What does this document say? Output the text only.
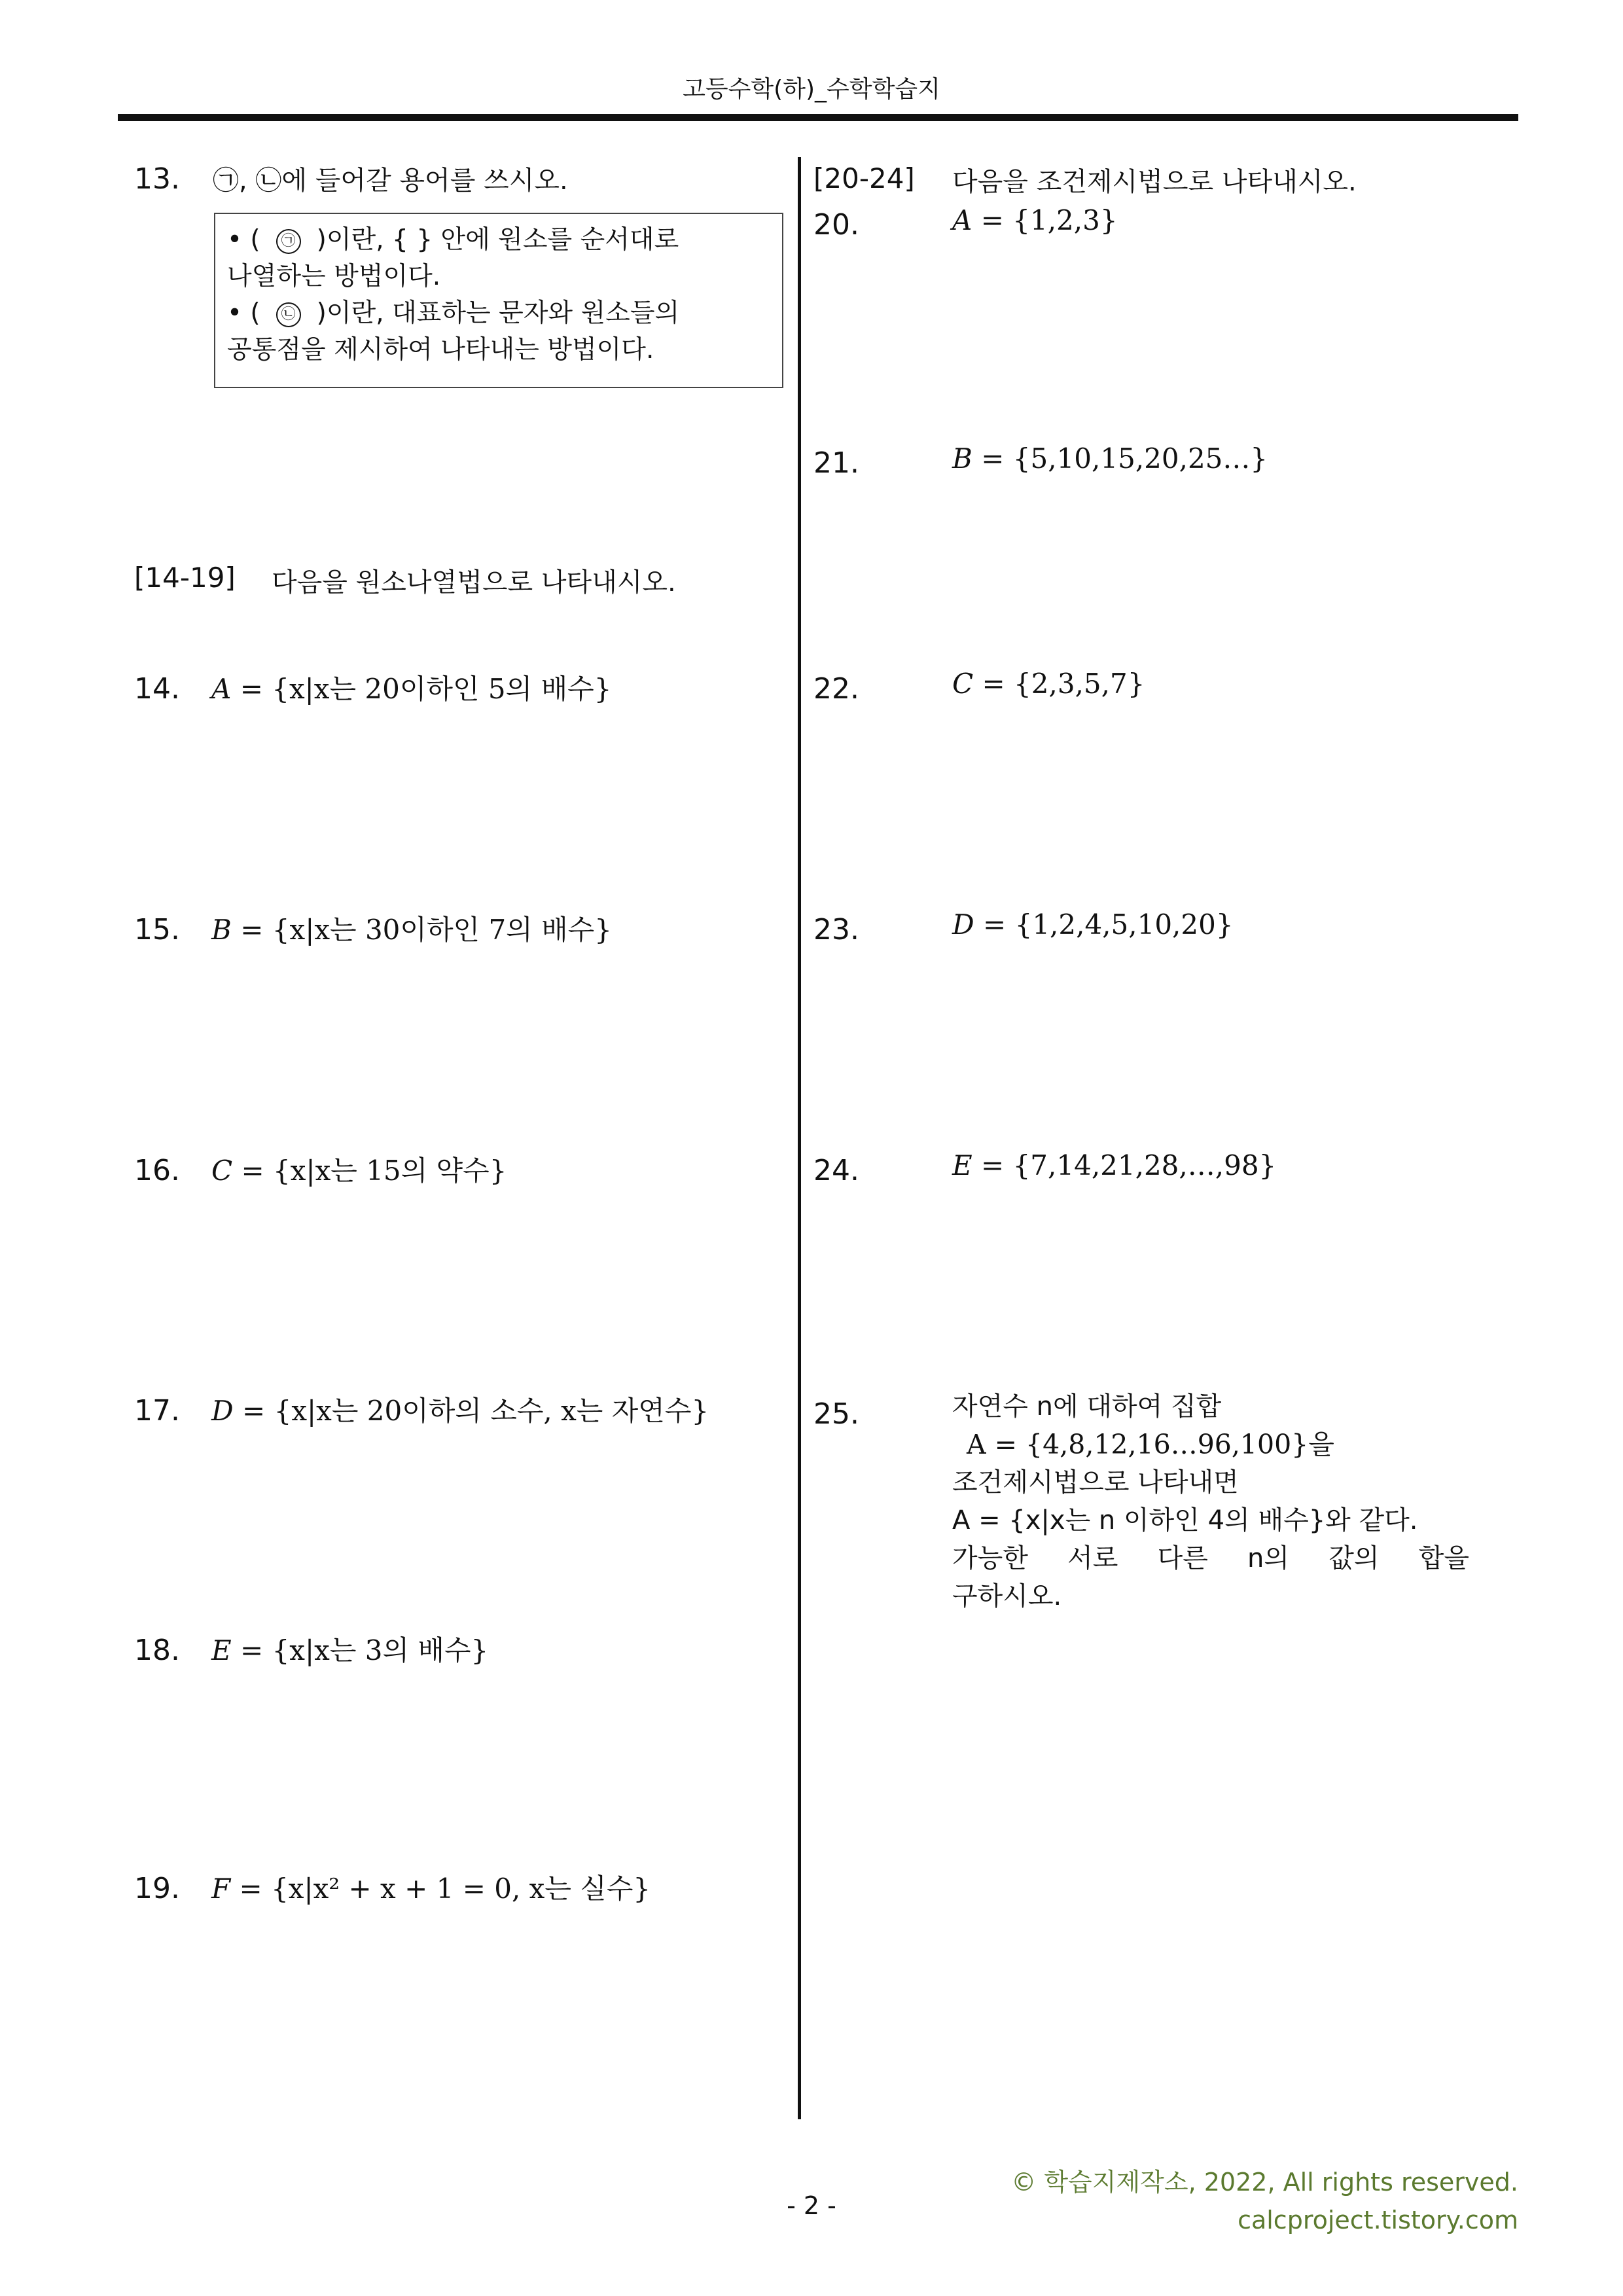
고등수학(하)_수학학습지
13. ㉠, ㉡에 들어갈 용어를 쓰시오.
• ( ㉠ )이란, { } 안에 원소를 순서대로
나열하는 방법이다.
• ( ㉡ )이란, 대표하는 문자와 원소들의
공통점을 제시하여 나타내는 방법이다.
[14-19] 다음을 원소나열법으로 나타내시오.
14. A = {x|x는 20이하인 5의 배수}
15. B = {x|x는 30이하인 7의 배수}
16. C = {x|x는 15의 약수}
17. D = {x|x는 20이하의 소수, x는 자연수}
18. E = {x|x는 3의 배수}
19. F = {x|x² + x + 1 = 0, x는 실수}
[20-24] 다음을 조건제시법으로 나타내시오.
20.	A = {1,2,3}
21.	B = {5,10,15,20,25…}
22.	C = {2,3,5,7}
23.	D = {1,2,4,5,10,20}
24.	E = {7,14,21,28,…,98}
25.	자연수 n에 대하여 집합
A = {4,8,12,16…96,100}을
조건제시법으로 나타내면
A = {x|x는 n 이하인 4의 배수}와 같다.
가능한 서로 다른 n의 값의 합을
구하시오.
© 학습지제작소, 2022, All rights reserved.
calcproject.tistory.com
- 2 -
